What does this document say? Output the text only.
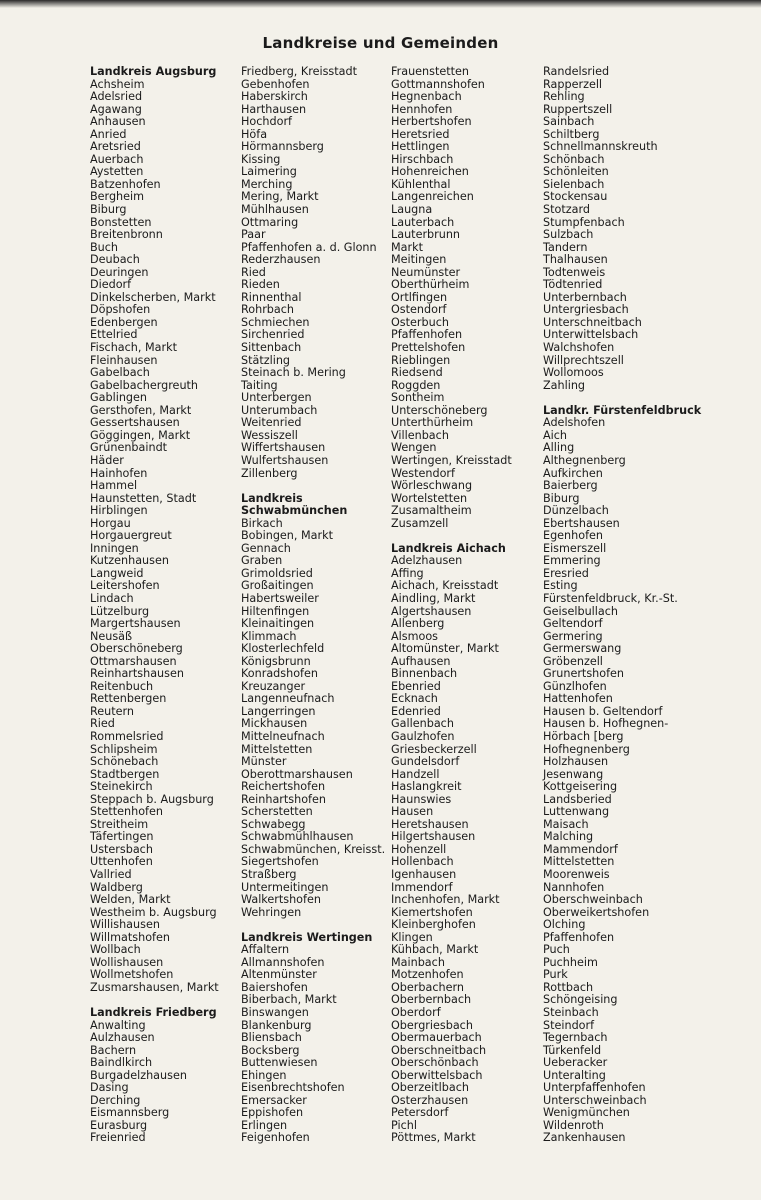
Landkreise und Gemeinden
Landkreis Augsburg
Achsheim
Adelsried
Agawang
Anhausen
Anried
Aretsried
Auerbach
Aystetten
Batzenhofen
Bergheim
Biburg
Bonstetten
Breitenbronn
Buch
Deubach
Deuringen
Diedorf
Dinkelscherben, Markt
Döpshofen
Edenbergen
Ettelried
Fischach, Markt
Fleinhausen
Gabelbach
Gabelbachergreuth
Gablingen
Gersthofen, Markt
Gessertshausen
Göggingen, Markt
Grünenbaindt
Häder
Hainhofen
Hammel
Haunstetten, Stadt
Hirblingen
Horgau
Horgauergreut
Inningen
Kutzenhausen
Langweid
Leitershofen
Lindach
Lützelburg
Margertshausen
Neusäß
Oberschöneberg
Ottmarshausen
Reinhartshausen
Reitenbuch
Rettenbergen
Reutern
Ried
Rommelsried
Schlipsheim
Schönebach
Stadtbergen
Steinekirch
Steppach b. Augsburg
Stettenhofen
Streitheim
Täfertingen
Ustersbach
Uttenhofen
Vallried
Waldberg
Welden, Markt
Westheim b. Augsburg
Willishausen
Willmatshofen
Wollbach
Wollishausen
Wollmetshofen
Zusmarshausen, Markt
Landkreis Friedberg
Anwalting
Aulzhausen
Bachern
Baindlkirch
Burgadelzhausen
Dasing
Derching
Eismannsberg
Eurasburg
Freienried
Friedberg, Kreisstadt
Gebenhofen
Haberskirch
Harthausen
Hochdorf
Höfa
Hörmannsberg
Kissing
Laimering
Merching
Mering, Markt
Mühlhausen
Ottmaring
Paar
Pfaffenhofen a. d. Glonn
Rederzhausen
Ried
Rieden
Rinnenthal
Rohrbach
Schmiechen
Sirchenried
Sittenbach
Stätzling
Steinach b. Mering
Taiting
Unterbergen
Unterumbach
Weitenried
Wessiszell
Wiffertshausen
Wulfertshausen
Zillenberg
Landkreis
Schwabmünchen
Birkach
Bobingen, Markt
Gennach
Graben
Grimoldsried
Großaitingen
Habertsweiler
Hiltenfingen
Kleinaitingen
Klimmach
Klosterlechfeld
Königsbrunn
Konradshofen
Kreuzanger
Langenneufnach
Langerringen
Mickhausen
Mittelneufnach
Mittelstetten
Münster
Oberottmarshausen
Reichertshofen
Reinhartshofen
Scherstetten
Schwabegg
Schwabmühlhausen
Schwabmünchen, Kreisst.
Siegertshofen
Straßberg
Untermeitingen
Walkertshofen
Wehringen
Landkreis Wertingen
Affaltern
Allmannshofen
Altenmünster
Baiershofen
Biberbach, Markt
Binswangen
Blankenburg
Bliensbach
Bocksberg
Buttenwiesen
Ehingen
Eisenbrechtshofen
Emersacker
Eppishofen
Erlingen
Feigenhofen
Frauenstetten
Gottmannshofen
Hegnenbach
Hennhofen
Herbertshofen
Heretsried
Hettlingen
Hirschbach
Hohenreichen
Kühlenthal
Langenreichen
Laugna
Lauterbach
Lauterbrunn
Markt
Meitingen
Neumünster
Oberthürheim
Ortlfingen
Ostendorf
Osterbuch
Pfaffenhofen
Prettelshofen
Rieblingen
Riedsend
Roggden
Sontheim
Unterschöneberg
Unterthürheim
Villenbach
Wengen
Wertingen, Kreisstadt
Westendorf
Wörleschwang
Wortelstetten
Zusamaltheim
Zusamzell
Landkreis Aichach
Adelzhausen
Affing
Aichach, Kreisstadt
Aindling, Markt
Algertshausen
Allenberg
Alsmoos
Altomünster, Markt
Aufhausen
Binnenbach
Ebenried
Ecknach
Edenried
Gallenbach
Gaulzhofen
Griesbeckerzell
Gundelsdorf
Handzell
Haslangkreit
Haunswies
Hausen
Heretshausen
Hilgertshausen
Hohenzell
Hollenbach
Igenhausen
Immendorf
Inchenhofen, Markt
Kiemertshofen
Kleinberghofen
Klingen
Kühbach, Markt
Mainbach
Motzenhofen
Oberbachern
Oberbernbach
Oberdorf
Obergriesbach
Obermauerbach
Oberschneitbach
Oberschönbach
Oberwittelsbach
Oberzeitlbach
Osterzhausen
Petersdorf
Pichl
Pöttmes, Markt
Randelsried
Rapperzell
Rehling
Ruppertszell
Sainbach
Schiltberg
Schnellmannskreuth
Schönbach
Schönleiten
Sielenbach
Stockensau
Stotzard
Stumpfenbach
Sulzbach
Tandern
Thalhausen
Todtenweis
Tödtenried
Unterbernbach
Untergriesbach
Unterschneitbach
Unterwittelsbach
Walchshofen
Willprechtszell
Wollomoos
Zahling
Landkr. Fürstenfeldbruck
Adelshofen
Aich
Alling
Althegnenberg
Aufkirchen
Baierberg
Biburg
Dünzelbach
Ebertshausen
Egenhofen
Eismerszell
Emmering
Eresried
Esting
Fürstenfeldbruck, Kr.-St.
Geiselbullach
Geltendorf
Germering
Germerswang
Gröbenzell
Grunertshofen
Günzlhofen
Hattenhofen
Hausen b. Geltendorf
Hausen b. Hofhegnen-
Hörbach [berg
Hofhegnenberg
Holzhausen
Jesenwang
Kottgeisering
Landsberied
Luttenwang
Maisach
Malching
Mammendorf
Mittelstetten
Moorenweis
Nannhofen
Oberschweinbach
Oberweikertshofen
Olching
Pfaffenhofen
Puch
Puchheim
Purk
Rottbach
Schöngeising
Steinbach
Steindorf
Tegernbach
Türkenfeld
Ueberacker
Unteralting
Unterpfaffenhofen
Unterschweinbach
Wenigmünchen
Wildenroth
Zankenhausen
